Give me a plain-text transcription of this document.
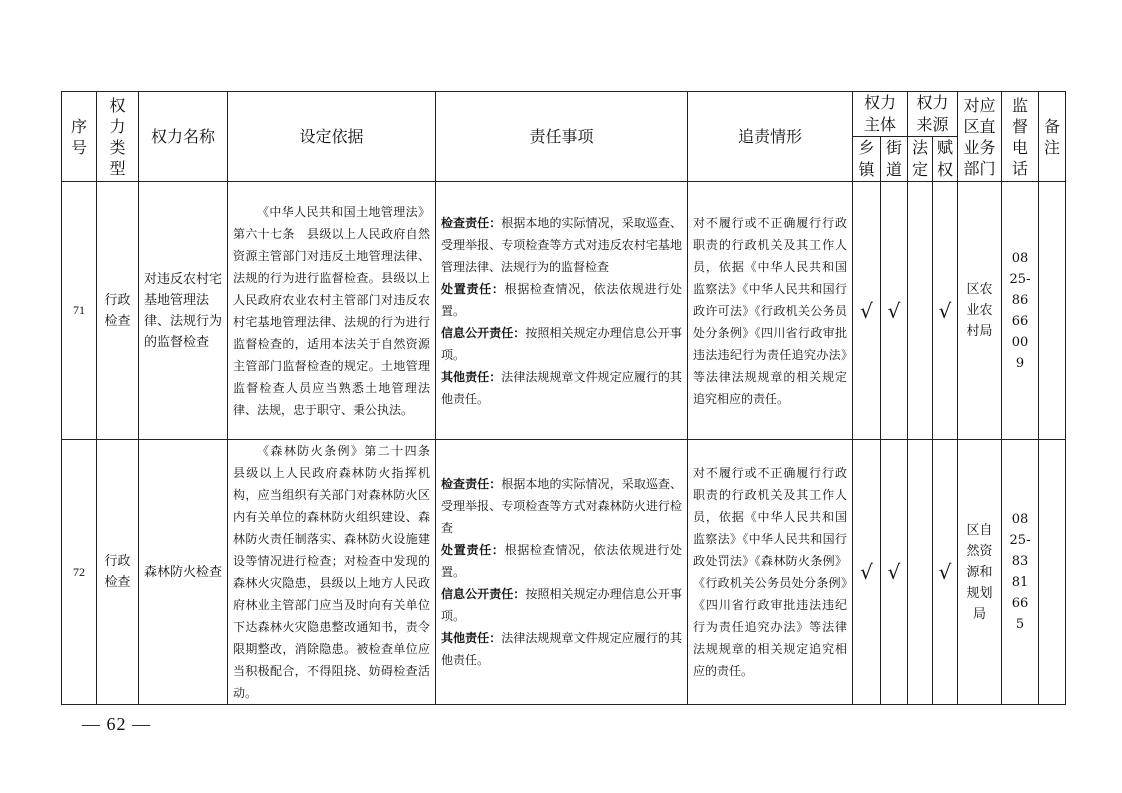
序号	权力类型	权力名称	设定依据	责任事项	追责情形	权力主体		权力来源		对应区直业务部门	监督电话	备注

						乡镇	街道	法定	赋权			

71	行政检查	对违反农村宅基地管理法律、法规行为的监督检查	《中华人民共和国土地管理法》第六十七条　县级以上人民政府自然资源主管部门对违反土地管理法律、法规的行为进行监督检查。县级以上人民政府农业农村主管部门对违反农村宅基地管理法律、法规的行为进行监督检查的，适用本法关于自然资源主管部门监督检查的规定。土地管理监督检查人员应当熟悉土地管理法律、法规，忠于职守、秉公执法。	检查责任：根据本地的实际情况，采取巡查、受理举报、专项检查等方式对违反农村宅基地管理法律、法规行为的监督检查
处置责任：根据检查情况，依法依规进行处置。
信息公开责任：按照相关规定办理信息公开事项。
其他责任：法律法规规章文件规定应履行的其他责任。	对不履行或不正确履行行政职责的行政机关及其工作人员，依据《中华人民共和国监察法》《中华人民共和国行政许可法》《行政机关公务员处分条例》《四川省行政审批违法违纪行为责任追究办法》等法律法规规章的相关规定追究相应的责任。	√	√		√	区农业农村局	0825-8666009	

72	行政检查	森林防火检查	《森林防火条例》第二十四条　县级以上人民政府森林防火指挥机构，应当组织有关部门对森林防火区内有关单位的森林防火组织建设、森林防火责任制落实、森林防火设施建设等情况进行检查；对检查中发现的森林火灾隐患，县级以上地方人民政府林业主管部门应当及时向有关单位下达森林火灾隐患整改通知书，责令限期整改，消除隐患。被检查单位应当积极配合，不得阻挠、妨碍检查活动。	检查责任：根据本地的实际情况，采取巡查、受理举报、专项检查等方式对森林防火进行检查
处置责任：根据检查情况，依法依规进行处置。
信息公开责任：按照相关规定办理信息公开事项。
其他责任：法律法规规章文件规定应履行的其他责任。	对不履行或不正确履行行政职责的行政机关及其工作人员，依据《中华人民共和国监察法》《中华人民共和国行政处罚法》《森林防火条例》《行政机关公务员处分条例》《四川省行政审批违法违纪行为责任追究办法》等法律法规规章的相关规定追究相应的责任。	√	√		√	区自然资源和规划局	0825-8381665	

— 62 —
